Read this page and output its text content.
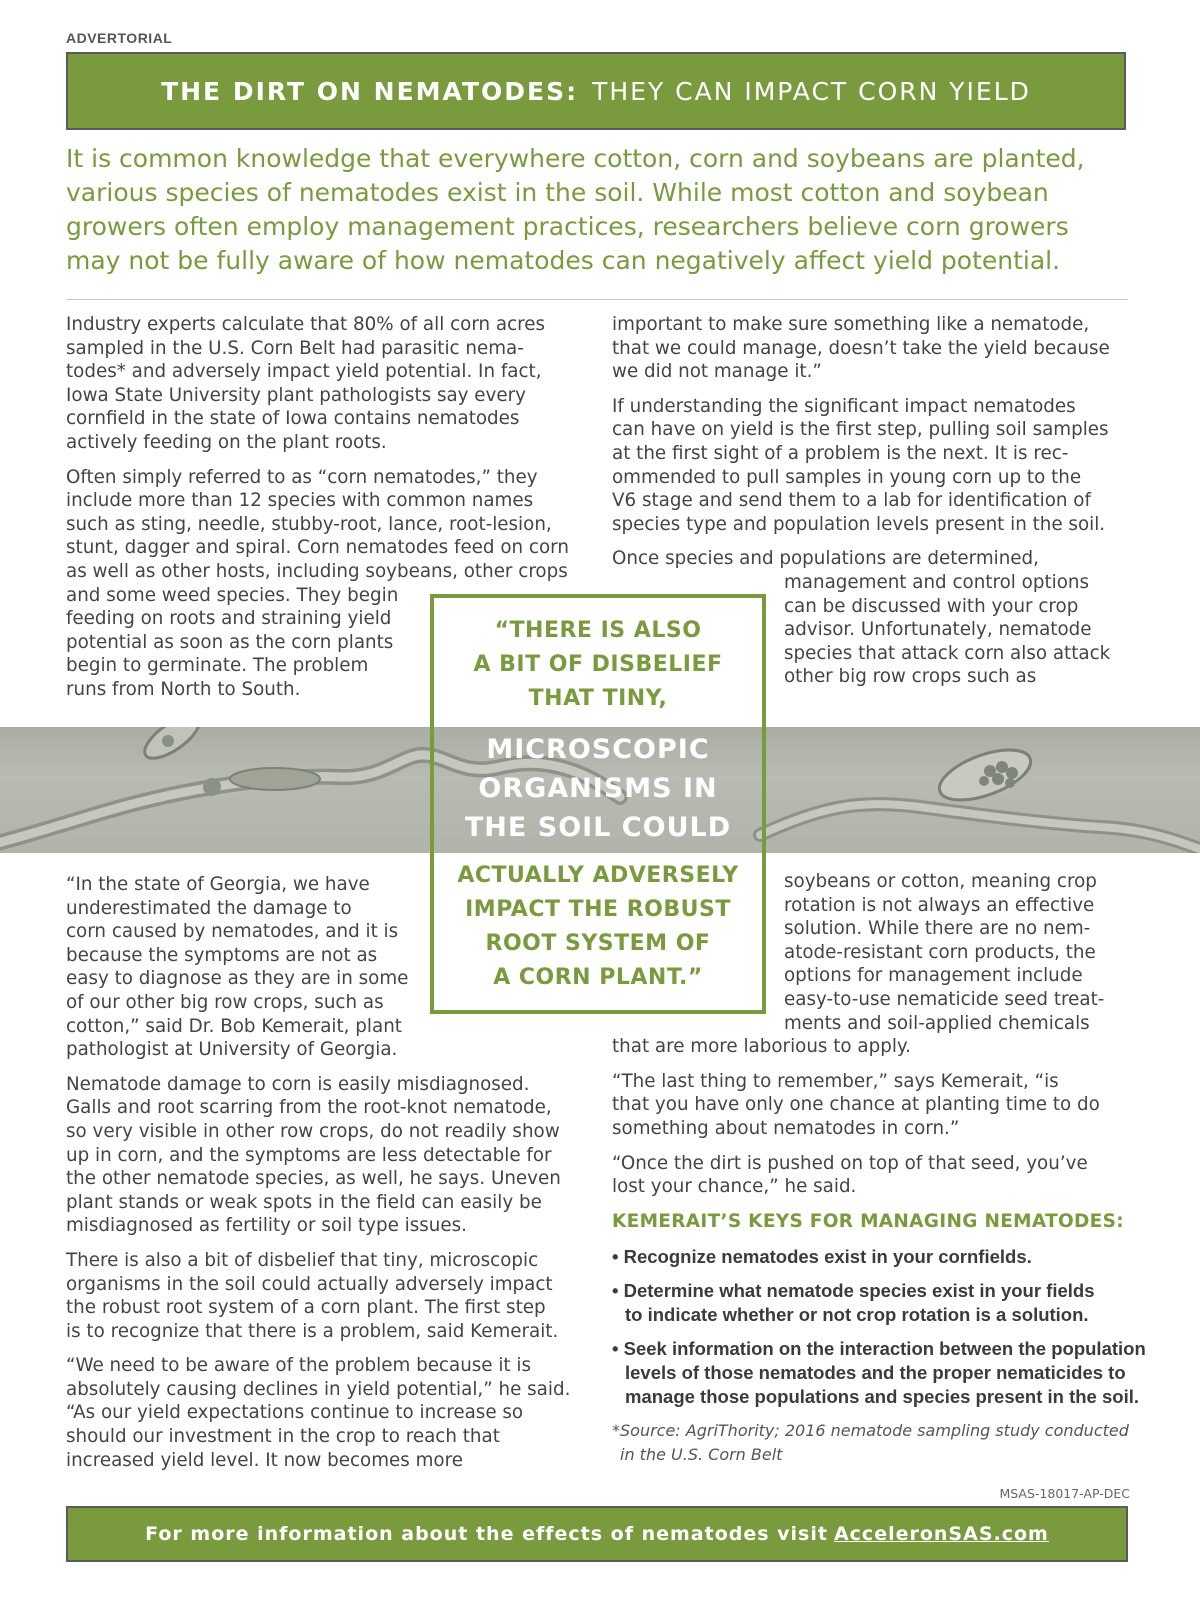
ADVERTORIAL
THE DIRT ON NEMATODES: THEY CAN IMPACT CORN YIELD

It is common knowledge that everywhere cotton, corn and soybeans are planted,

various species of nematodes exist in the soil. While most cotton and soybean

growers often employ management practices, researchers believe corn growers

may not be fully aware of how nematodes can negatively affect yield potential.

Industry experts calculate that 80% of all corn acres

sampled in the U.S. Corn Belt had parasitic nema-

todes* and adversely impact yield potential. In fact,

Iowa State University plant pathologists say every

cornfield in the state of Iowa contains nematodes

actively feeding on the plant roots.

Often simply referred to as “corn nematodes,” they

include more than 12 species with common names

such as sting, needle, stubby-root, lance, root-lesion,

stunt, dagger and spiral. Corn nematodes feed on corn

as well as other hosts, including soybeans, other crops

and some weed species. They begin

feeding on roots and straining yield

potential as soon as the corn plants

begin to germinate. The problem

runs from North to South.

important to make sure something like a nematode,

that we could manage, doesn’t take the yield because

we did not manage it.”

If understanding the significant impact nematodes

can have on yield is the first step, pulling soil samples

at the first sight of a problem is the next. It is rec-

ommended to pull samples in young corn up to the

V6 stage and send them to a lab for identification of

species type and population levels present in the soil.

Once species and populations are determined,

management and control options

can be discussed with your crop

advisor. Unfortunately, nematode

species that attack corn also attack

other big row crops such as

“THERE IS ALSO

A BIT OF DISBELIEF

THAT TINY,

MICROSCOPIC

ORGANISMS IN

THE SOIL COULD

ACTUALLY ADVERSELY

IMPACT THE ROBUST

ROOT SYSTEM OF

A CORN PLANT.”

“In the state of Georgia, we have

underestimated the damage to

corn caused by nematodes, and it is

because the symptoms are not as

easy to diagnose as they are in some

of our other big row crops, such as

cotton,” said Dr. Bob Kemerait, plant

pathologist at University of Georgia.

Nematode damage to corn is easily misdiagnosed.

Galls and root scarring from the root-knot nematode,

so very visible in other row crops, do not readily show

up in corn, and the symptoms are less detectable for

the other nematode species, as well, he says. Uneven

plant stands or weak spots in the field can easily be

misdiagnosed as fertility or soil type issues.

There is also a bit of disbelief that tiny, microscopic

organisms in the soil could actually adversely impact

the robust root system of a corn plant. The first step

is to recognize that there is a problem, said Kemerait.

“We need to be aware of the problem because it is

absolutely causing declines in yield potential,” he said.

“As our yield expectations continue to increase so

should our investment in the crop to reach that

increased yield level. It now becomes more

soybeans or cotton, meaning crop

rotation is not always an effective

solution. While there are no nem-

atode-resistant corn products, the

options for management include

easy-to-use nematicide seed treat-

ments and soil-applied chemicals

that are more laborious to apply.

“The last thing to remember,” says Kemerait, “is

that you have only one chance at planting time to do

something about nematodes in corn.”

“Once the dirt is pushed on top of that seed, you’ve

lost your chance,” he said.

KEMERAIT’S KEYS FOR MANAGING NEMATODES:

• Recognize nematodes exist in your cornfields.

• Determine what nematode species exist in your fields

to indicate whether or not crop rotation is a solution.

• Seek information on the interaction between the population

levels of those nematodes and the proper nematicides to

manage those populations and species present in the soil.

*Source: AgriThority; 2016 nematode sampling study conducted

in the U.S. Corn Belt

MSAS-18017-AP-DEC
For more information about the effects of nematodes visit AcceleronSAS.com
